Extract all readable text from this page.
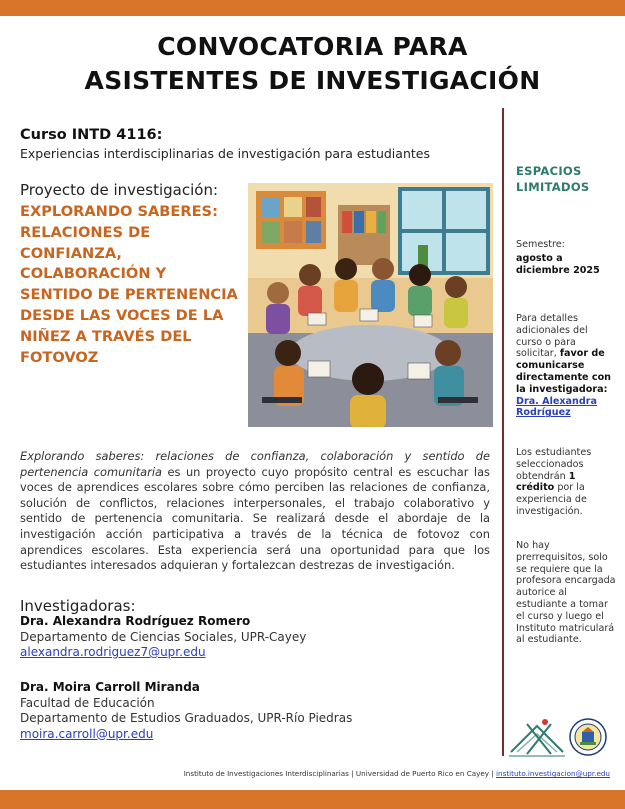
CONVOCATORIA PARA
ASISTENTES DE INVESTIGACIÓN
Curso INTD 4116:
Experiencias interdisciplinarias de investigación para estudiantes
Proyecto de investigación:
EXPLORANDO SABERES:
RELACIONES DE
CONFIANZA,
COLABORACIÓN Y
SENTIDO DE PERTENENCIA
DESDE LAS VOCES DE LA
NIÑEZ A TRAVÉS DEL
FOTOVOZ
Explorando saberes: relaciones de confianza, colaboración y sentido de pertenencia comunitaria es un proyecto cuyo propósito central es escuchar las voces de aprendices escolares sobre cómo perciben las relaciones de confianza, solución de conflictos, relaciones interpersonales, el trabajo colaborativo y sentido de pertenencia comunitaria. Se realizará desde el abordaje de la investigación acción participativa a través de la técnica de fotovoz con aprendices escolares. Esta experiencia será una oportunidad para que los estudiantes interesados adquieran y fortalezcan destrezas de investigación.
Investigadoras:
Dra. Alexandra Rodríguez Romero
Departamento de Ciencias Sociales, UPR-Cayey
alexandra.rodriguez7@upr.edu
Dra. Moira Carroll Miranda
Facultad de Educación
Departamento de Estudios Graduados, UPR-Río Piedras
moira.carroll@upr.edu
ESPACIOS
LIMITADOS
Semestre:
agosto a diciembre 2025
Para detalles adicionales del curso o para solicitar, favor de comunicarse directamente con la investigadora: Dra. Alexandra Rodríguez
Los estudiantes seleccionados obtendrán 1 crédito por la experiencia de investigación.
No hay prerrequisitos, solo se requiere que la profesora encargada autorice al estudiante a tomar el curso y luego el Instituto matriculará al estudiante.
Instituto de Investigaciones Interdisciplinarias | Universidad de Puerto Rico en Cayey | instituto.investigacion@upr.edu
